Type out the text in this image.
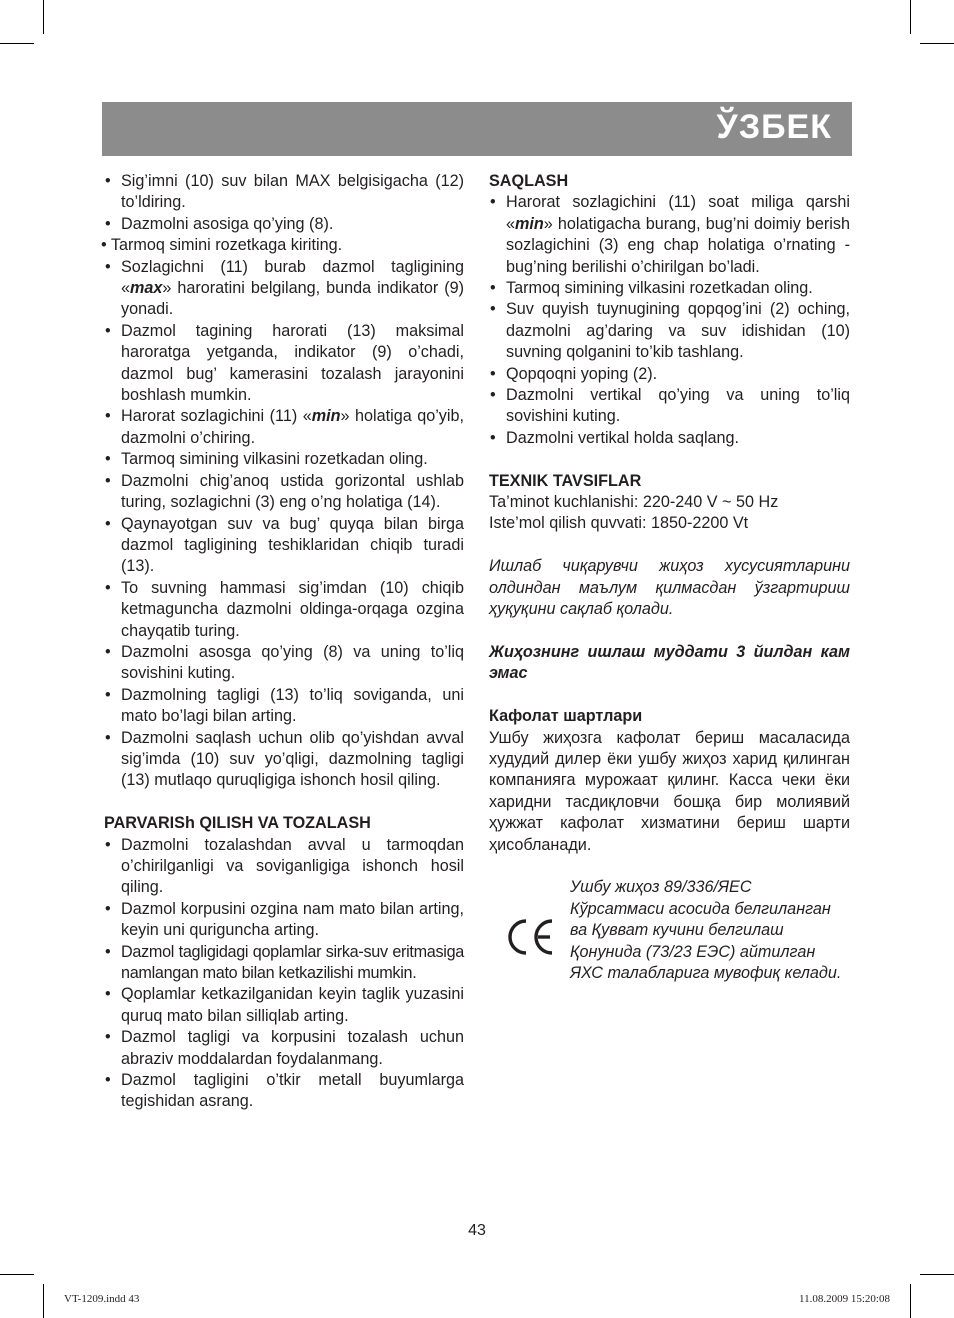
ЎЗБЕК
• Sig’imni (10) suv bilan MAX belgisigacha (12) to’ldiring.
• Dazmolni asosiga qo’ying (8).
• Tarmoq simini rozetkaga kiriting.
• Sozlagichni (11) burab dazmol tagligining «max» haroratini belgilang, bunda indikator (9) yonadi.
• Dazmol tagining harorati (13) maksimal haroratga yetganda, indikator (9) o’chadi, dazmol bug’ kamerasini tozalash jarayonini boshlash mumkin.
• Harorat sozlagichini (11) «min» holatiga qo’yib, dazmolni o’chiring.
• Tarmoq simining vilkasini rozetkadan oling.
• Dazmolni chig’anoq ustida gorizontal ushlab turing, sozlagichni (3) eng o’ng holatiga (14).
• Qaynayotgan suv va bug’ quyqa bilan birga dazmol tagligining teshiklaridan chiqib turadi (13).
• To suvning hammasi sig’imdan (10) chiqib ketmaguncha dazmolni oldinga-orqaga ozgina chayqatib turing.
• Dazmolni asosga qo’ying (8) va uning to’liq sovishini kuting.
• Dazmolning tagligi (13) to’liq soviganda, uni mato bo’lagi bilan arting.
• Dazmolni saqlash uchun olib qo’yishdan avval sig’imda (10) suv yo’qligi, dazmolning tagligi (13) mutlaqo quruqligiga ishonch hosil qiling.

PARVARISh QILISH VA TOZALASH

• Dazmolni tozalashdan avval u tarmoqdan o’chirilganligi va soviganligiga ishonch hosil qiling.
• Dazmol korpusini ozgina nam mato bilan arting, keyin uni quriguncha arting.
• Dazmol tagligidagi qoplamlar sirka-suv eritmasiga namlangan mato bilan ketkazilishi mumkin.
• Qoplamlar ketkazilganidan keyin taglik yuzasini quruq mato bilan silliqlab arting.
• Dazmol tagligi va korpusini tozalash uchun abraziv moddalardan foydalanmang.
• Dazmol tagligini o’tkir metall buyumlarga tegishidan asrang.

SAQLASH

• Harorat sozlagichini (11) soat miliga qarshi «min» holatigacha burang, bug’ni doimiy berish sozlagichini (3) eng chap holatiga o’rnating - bug’ning berilishi o’chirilgan bo’ladi.
• Tarmoq simining vilkasini rozetkadan oling.
• Suv quyish tuynugining qopqog’ini (2) oching, dazmolni ag’daring va suv idishidan (10) suvning qolganini to’kib tashlang.
• Qopqoqni yoping (2).
• Dazmolni vertikal qo’ying va uning to’liq sovishini kuting.
• Dazmolni vertikal holda saqlang.

TEXNIK TAVSIFLAR

Ta’minot kuchlanishi: 220-240 V ~ 50 Hz

Iste’mol qilish quvvati: 1850-2200 Vt

Ишлаб чиқарувчи жиҳоз хусусиятларини олдиндан маълум қилмасдан ўзгартириш ҳуқуқини сақлаб қолади.

Жиҳознинг ишлаш муддати 3 йилдан кам эмас

Кафолат шартлари

Ушбу жиҳозга кафолат бериш масаласида худудий дилер ёки ушбу жиҳоз харид қилинган компанияга мурожаат қилинг. Касса чеки ёки харидни тасдиқловчи бошқа бир молиявий ҳужжат кафолат хизматини бериш шарти ҳисобланади.

Ушбу жиҳоз 89/336/ЯЕС Кўрсатмаси асосида белгиланган ва Қувват кучини белгилаш Қонунида (73/23 ЕЭС) айтилган ЯХС талабларига мувофиқ келади.
43
VT-1209.indd 43	11.08.2009 15:20:08
